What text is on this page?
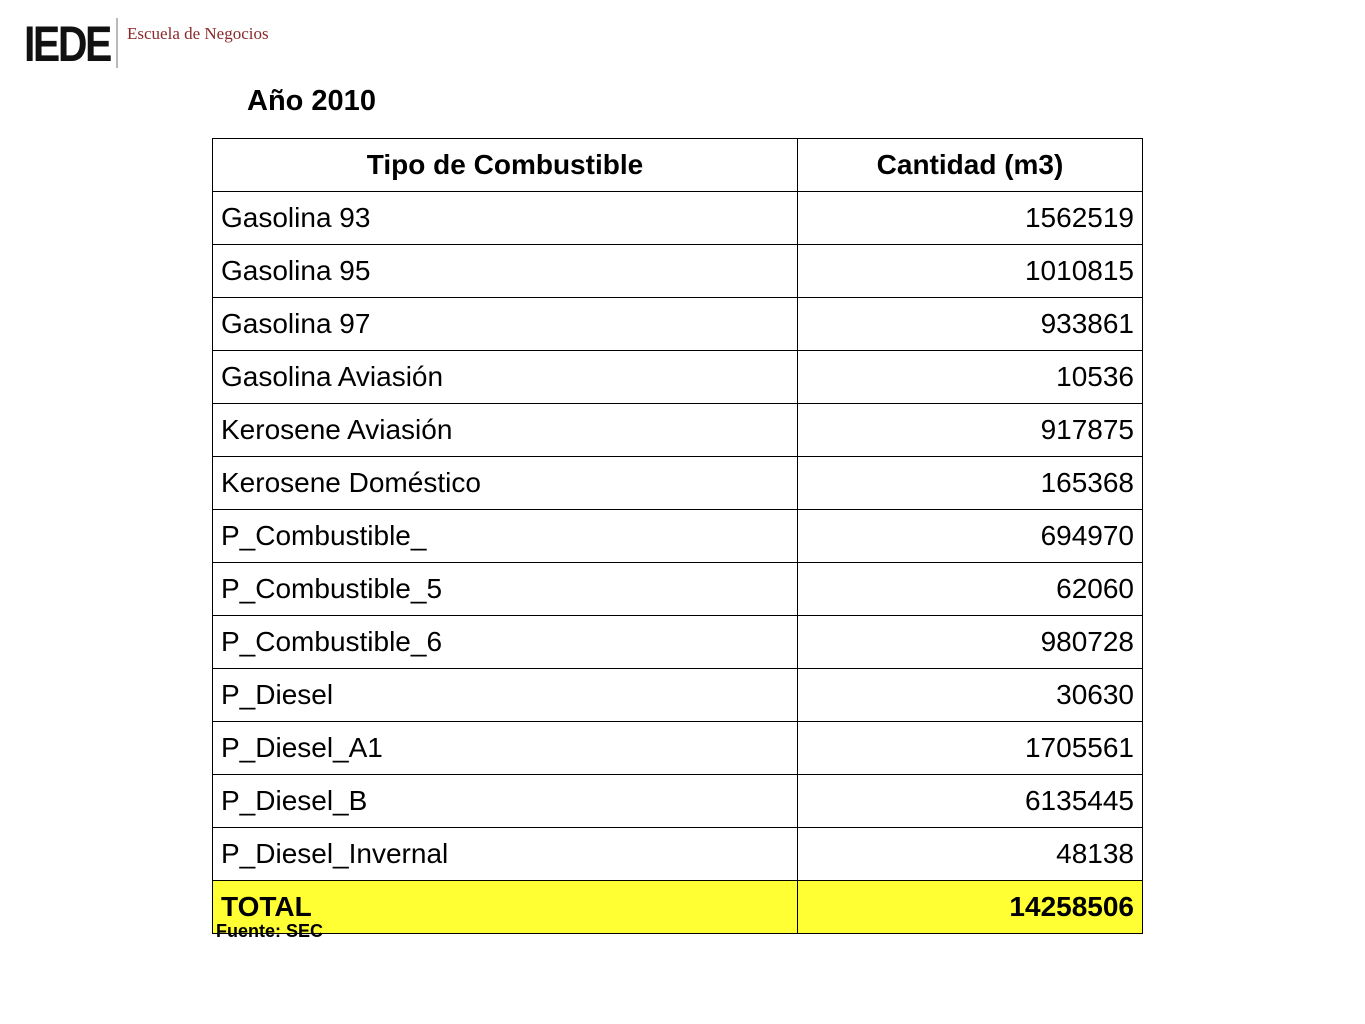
IEDE Escuela de Negocios
Año 2010
Tipo de Combustible	Cantidad (m3)
Gasolina 93	1562519
Gasolina 95	1010815
Gasolina 97	933861
Gasolina Aviasión	10536
Kerosene Aviasión	917875
Kerosene Doméstico	165368
P_Combustible_	694970
P_Combustible_5	62060
P_Combustible_6	980728
P_Diesel	30630
P_Diesel_A1	1705561
P_Diesel_B	6135445
P_Diesel_Invernal	48138
TOTAL	14258506
Fuente: SEC
